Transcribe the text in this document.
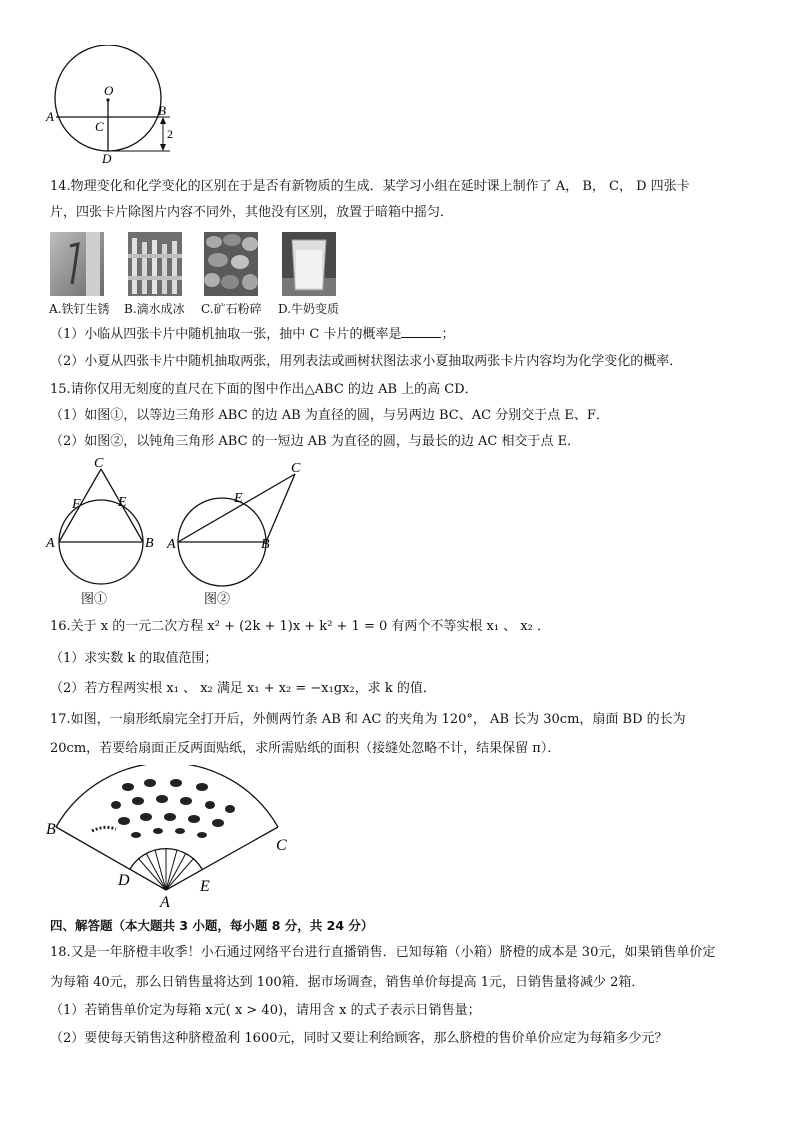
O
A	B
C
D
2
14.物理变化和化学变化的区别在于是否有新物质的生成．某学习小组在延时课上制作了 A， B， C， D 四张卡
片，四张卡片除图片内容不同外，其他没有区别，放置于暗箱中摇匀．
A.铁钉生锈 B.滴水成冰 C.矿石粉碎 D.牛奶变质
（1）小临从四张卡片中随机抽取一张，抽中 C 卡片的概率是	；
（2）小夏从四张卡片中随机抽取两张，用列表法或画树状图法求小夏抽取两张卡片内容均为化学变化的概率．
15.请你仅用无刻度的直尺在下面的图中作出△ABC 的边 AB 上的高 CD．
（1）如图①，以等边三角形 ABC 的边 AB 为直径的圆，与另两边 BC、AC 分别交于点 E、F．
（2）如图②，以钝角三角形 ABC 的一短边 AB 为直径的圆，与最长的边 AC 相交于点 E．
C
F	E
A	B
图①
C
E
A	B
图②
16.关于 x 的一元二次方程 x² + (2k + 1)x + k² + 1 = 0 有两个不等实根 x₁ 、 x₂ ．
（1）求实数 k 的取值范围；
（2）若方程两实根 x₁ 、 x₂ 满足 x₁ + x₂ = −x₁gx₂，求 k 的值．
17.如图，一扇形纸扇完全打开后，外侧两竹条 AB 和 AC 的夹角为 120°， AB 长为 30cm，扇面 BD 的长为
20cm，若要给扇面正反两面贴纸，求所需贴纸的面积（接缝处忽略不计，结果保留 π）．
B
C
D	E
A
四、解答题（本大题共 3 小题，每小题 8 分，共 24 分）
18.又是一年脐橙丰收季！小石通过网络平台进行直播销售．已知每箱（小箱）脐橙的成本是 30元，如果销售单价定
为每箱 40元，那么日销售量将达到 100箱．据市场调查，销售单价每提高 1元，日销售量将减少 2箱．
（1）若销售单价定为每箱 x元( x > 40)，请用含 x 的式子表示日销售量；
（2）要使每天销售这种脐橙盈利 1600元，同时又要让利给顾客，那么脐橙的售价单价应定为每箱多少元？
